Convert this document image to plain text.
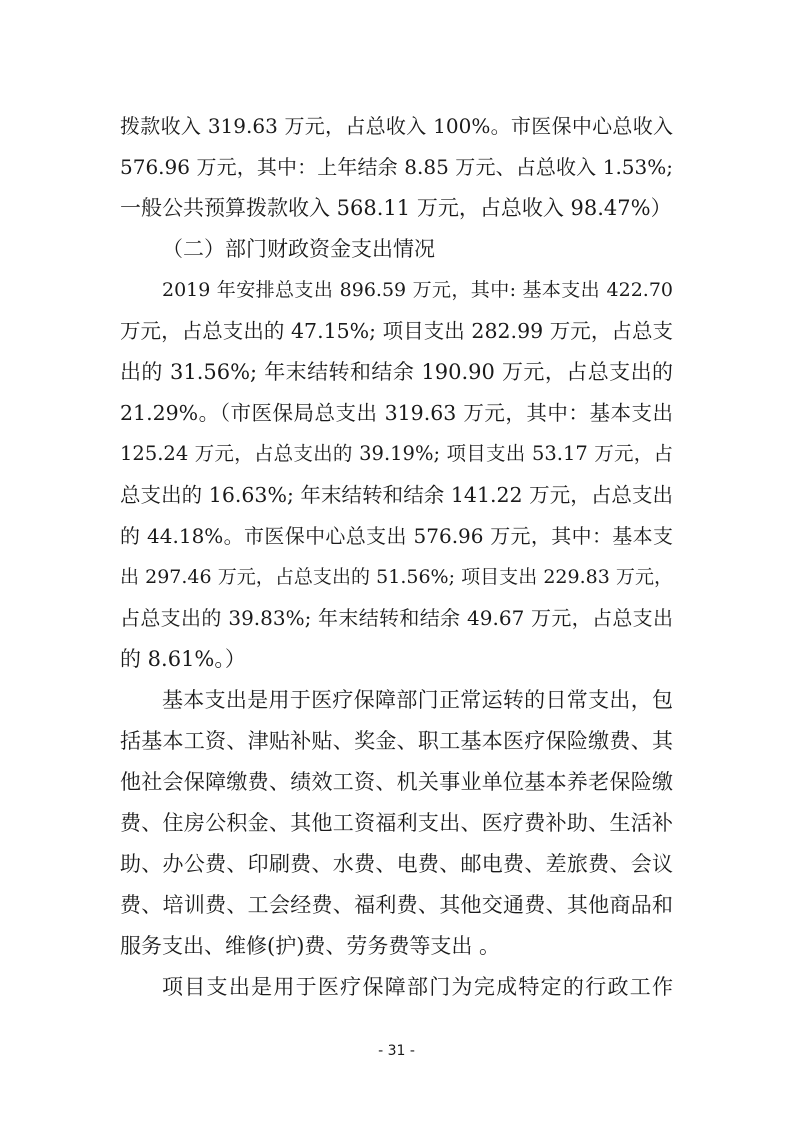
拨款收入 319.63 万元，占总收入 100%。市医保中心总收入
576.96 万元，其中：上年结余 8.85 万元、占总收入 1.53%;
一般公共预算拨款收入 568.11 万元，占总收入 98.47%）
（二）部门财政资金支出情况
2019 年安排总支出 896.59 万元，其中: 基本支出 422.70
万元，占总支出的 47.15%; 项目支出 282.99 万元，占总支
出的 31.56%; 年末结转和结余 190.90 万元，占总支出的
21.29%。（市医保局总支出 319.63 万元，其中：基本支出
125.24 万元，占总支出的 39.19%; 项目支出 53.17 万元，占
总支出的 16.63%; 年末结转和结余 141.22 万元，占总支出
的 44.18%。市医保中心总支出 576.96 万元，其中：基本支
出 297.46 万元，占总支出的 51.56%; 项目支出 229.83 万元，
占总支出的 39.83%; 年末结转和结余 49.67 万元，占总支出
的 8.61%。）
基本支出是用于医疗保障部门正常运转的日常支出，包
括基本工资、津贴补贴、奖金、职工基本医疗保险缴费、其
他社会保障缴费、绩效工资、机关事业单位基本养老保险缴
费、住房公积金、其他工资福利支出、医疗费补助、生活补
助、办公费、印刷费、水费、电费、邮电费、差旅费、会议
费、培训费、工会经费、福利费、其他交通费、其他商品和
服务支出、维修(护)费、劳务费等支出 。
项目支出是用于医疗保障部门为完成特定的行政工作
- 31 -
